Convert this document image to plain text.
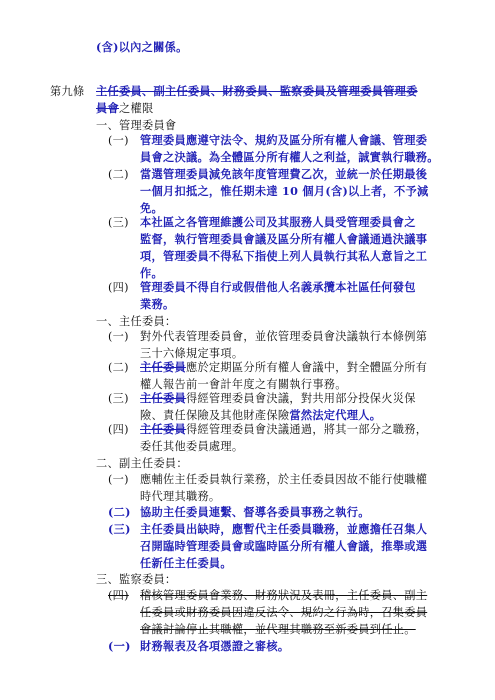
(含)以內之關係。
第九條 主任委員、副主任委員、財務委員、監察委員及管理委員管理委
員會之權限
一、管理委員會
(一) 管理委員應遵守法令、規約及區分所有權人會議、管理委
員會之決議。為全體區分所有權人之利益，誠實執行職務。
(二) 當選管理委員減免該年度管理費乙次，並統一於任期最後
一個月扣抵之，惟任期未達 10 個月(含)以上者，不予減
免。
(三) 本社區之各管理維護公司及其服務人員受管理委員會之
監督，執行管理委員會議及區分所有權人會議通過決議事
項，管理委員不得私下指使上列人員執行其私人意旨之工
作。
(四) 管理委員不得自行或假借他人名義承攬本社區任何發包
業務。
一、主任委員：
(一) 對外代表管理委員會，並依管理委員會決議執行本條例第
三十六條規定事項。
(二) 主任委員應於定期區分所有權人會議中，對全體區分所有
權人報告前一會計年度之有關執行事務。
(三) 主任委員得經管理委員會決議，對共用部分投保火災保
險、責任保險及其他財產保險當然法定代理人。
(四) 主任委員得經管理委員會決議通過，將其一部分之職務，
委任其他委員處理。
二、副主任委員：
(一) 應輔佐主任委員執行業務，於主任委員因故不能行使職權
時代理其職務。
(二) 協助主任委員連繫、督導各委員事務之執行。
(三) 主任委員出缺時，應暫代主任委員職務，並應擔任召集人
召開臨時管理委員會或臨時區分所有權人會議，推舉或選
任新任主任委員。
三、監察委員：
(四) 稽核管理委員會業務、財務狀況及表冊，主任委員、副主
任委員或財務委員因違反法令、規約之行為時，召集委員
會議討論停止其職權，並代理其職務至新委員到任止。
(一) 財務報表及各項憑證之審核。
